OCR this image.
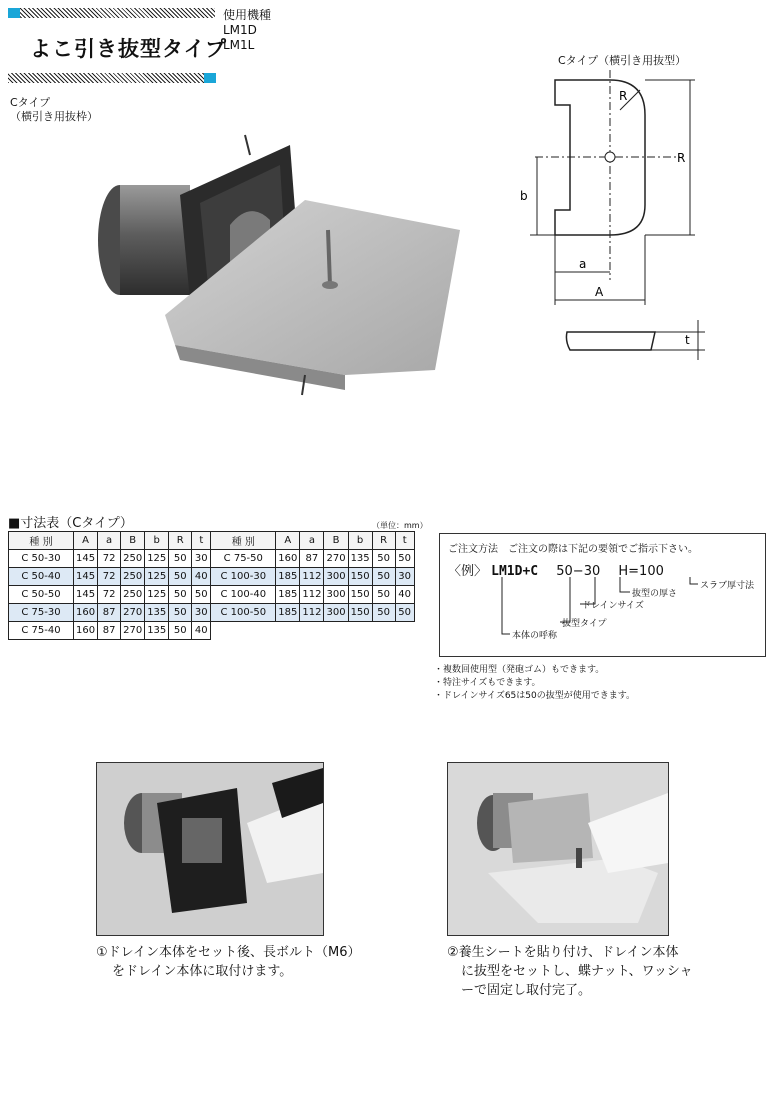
よこ引き抜型タイプ
使用機種
LM1D
LM1L
Cタイプ
（横引き用抜枠）
Cタイプ（横引き用抜型）
R
R
b
a
A
t
■寸法表（Cタイプ）	（単位：mm）
種 別	A	a	B	b	R	t	種 別	A	a	B	b	R	t
C 50-30	145	72	250	125	50	30	C 75-50	160	87	270	135	50	50
C 50-40	145	72	250	125	50	40	C 100-30	185	112	300	150	50	30
C 50-50	145	72	250	125	50	50	C 100-40	185	112	300	150	50	40
C 75-30	160	87	270	135	50	30	C 100-50	185	112	300	150	50	50
C 75-40	160	87	270	135	50	40							
ご注文方法　ご注文の際は下記の要領でご指示下さい。
〈例〉 LM1D+C 50−30 H=100
スラブ厚寸法
抜型の厚さ
ドレインサイズ
抜型タイプ
本体の呼称
・複数回使用型（発砲ゴム）もできます。
・特注サイズもできます。
・ドレインサイズ65は50の抜型が使用できます。
①ドレイン本体をセット後、長ボルト（M6）
をドレイン本体に取付けます。
②養生シートを貼り付け、ドレイン本体
に抜型をセットし、蝶ナット、ワッシャ
ーで固定し取付完了。
